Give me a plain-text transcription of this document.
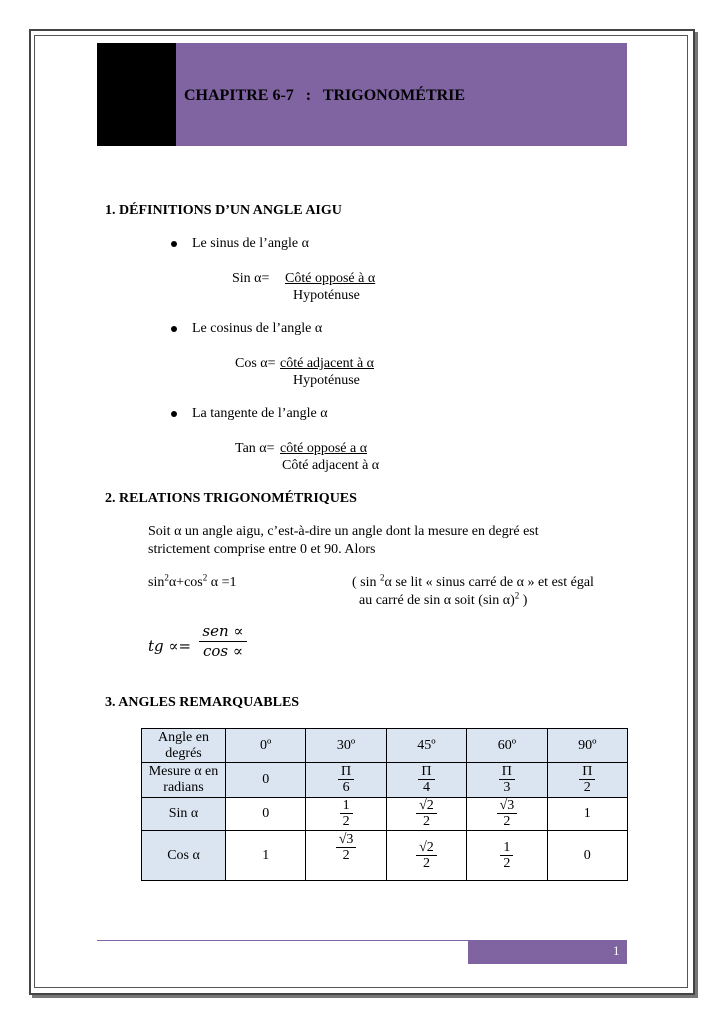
CHAPITRE 6-7   :   TRIGONOMÉTRIE
1. DÉFINITIONS D’UN ANGLE AIGU
Le sinus de l’angle α
Sin α= Côté opposé à α
Hypoténuse
Le cosinus de l’angle α
Cos α= côté adjacent à α
Hypoténuse
La tangente de l’angle α
Tan α= côté opposé a α
Côté adjacent à α
2. RELATIONS TRIGONOMÉTRIQUES
Soit α un angle aigu, c’est-à-dire un angle dont la mesure en degré est
strictement comprise entre 0 et 90. Alors
$\sin^2\alpha+\cos^2$ α =1	( sin $^2$α se lit « sinus carré de α » et est égal
au carré de sin α soit (sin α)$^2$ )
tg ∝=
sen ∝
cos ∝
3. ANGLES REMARQUABLES
Angle en degrés	0º	30º	45º	60º	90º
Mesure α en radians	0	$\frac{\Pi}{6}$	$\frac{\Pi}{4}$	$\frac{\Pi}{3}$	$\frac{\Pi}{2}$

Sin α	0	$\frac{1}{2}$	$\frac{√2}{2}$	$\frac{√3}{2}$	1
Cos α	1	$\frac{√3}{2}$	$\frac{√2}{2}$	$\frac{1}{2}$	0
1
